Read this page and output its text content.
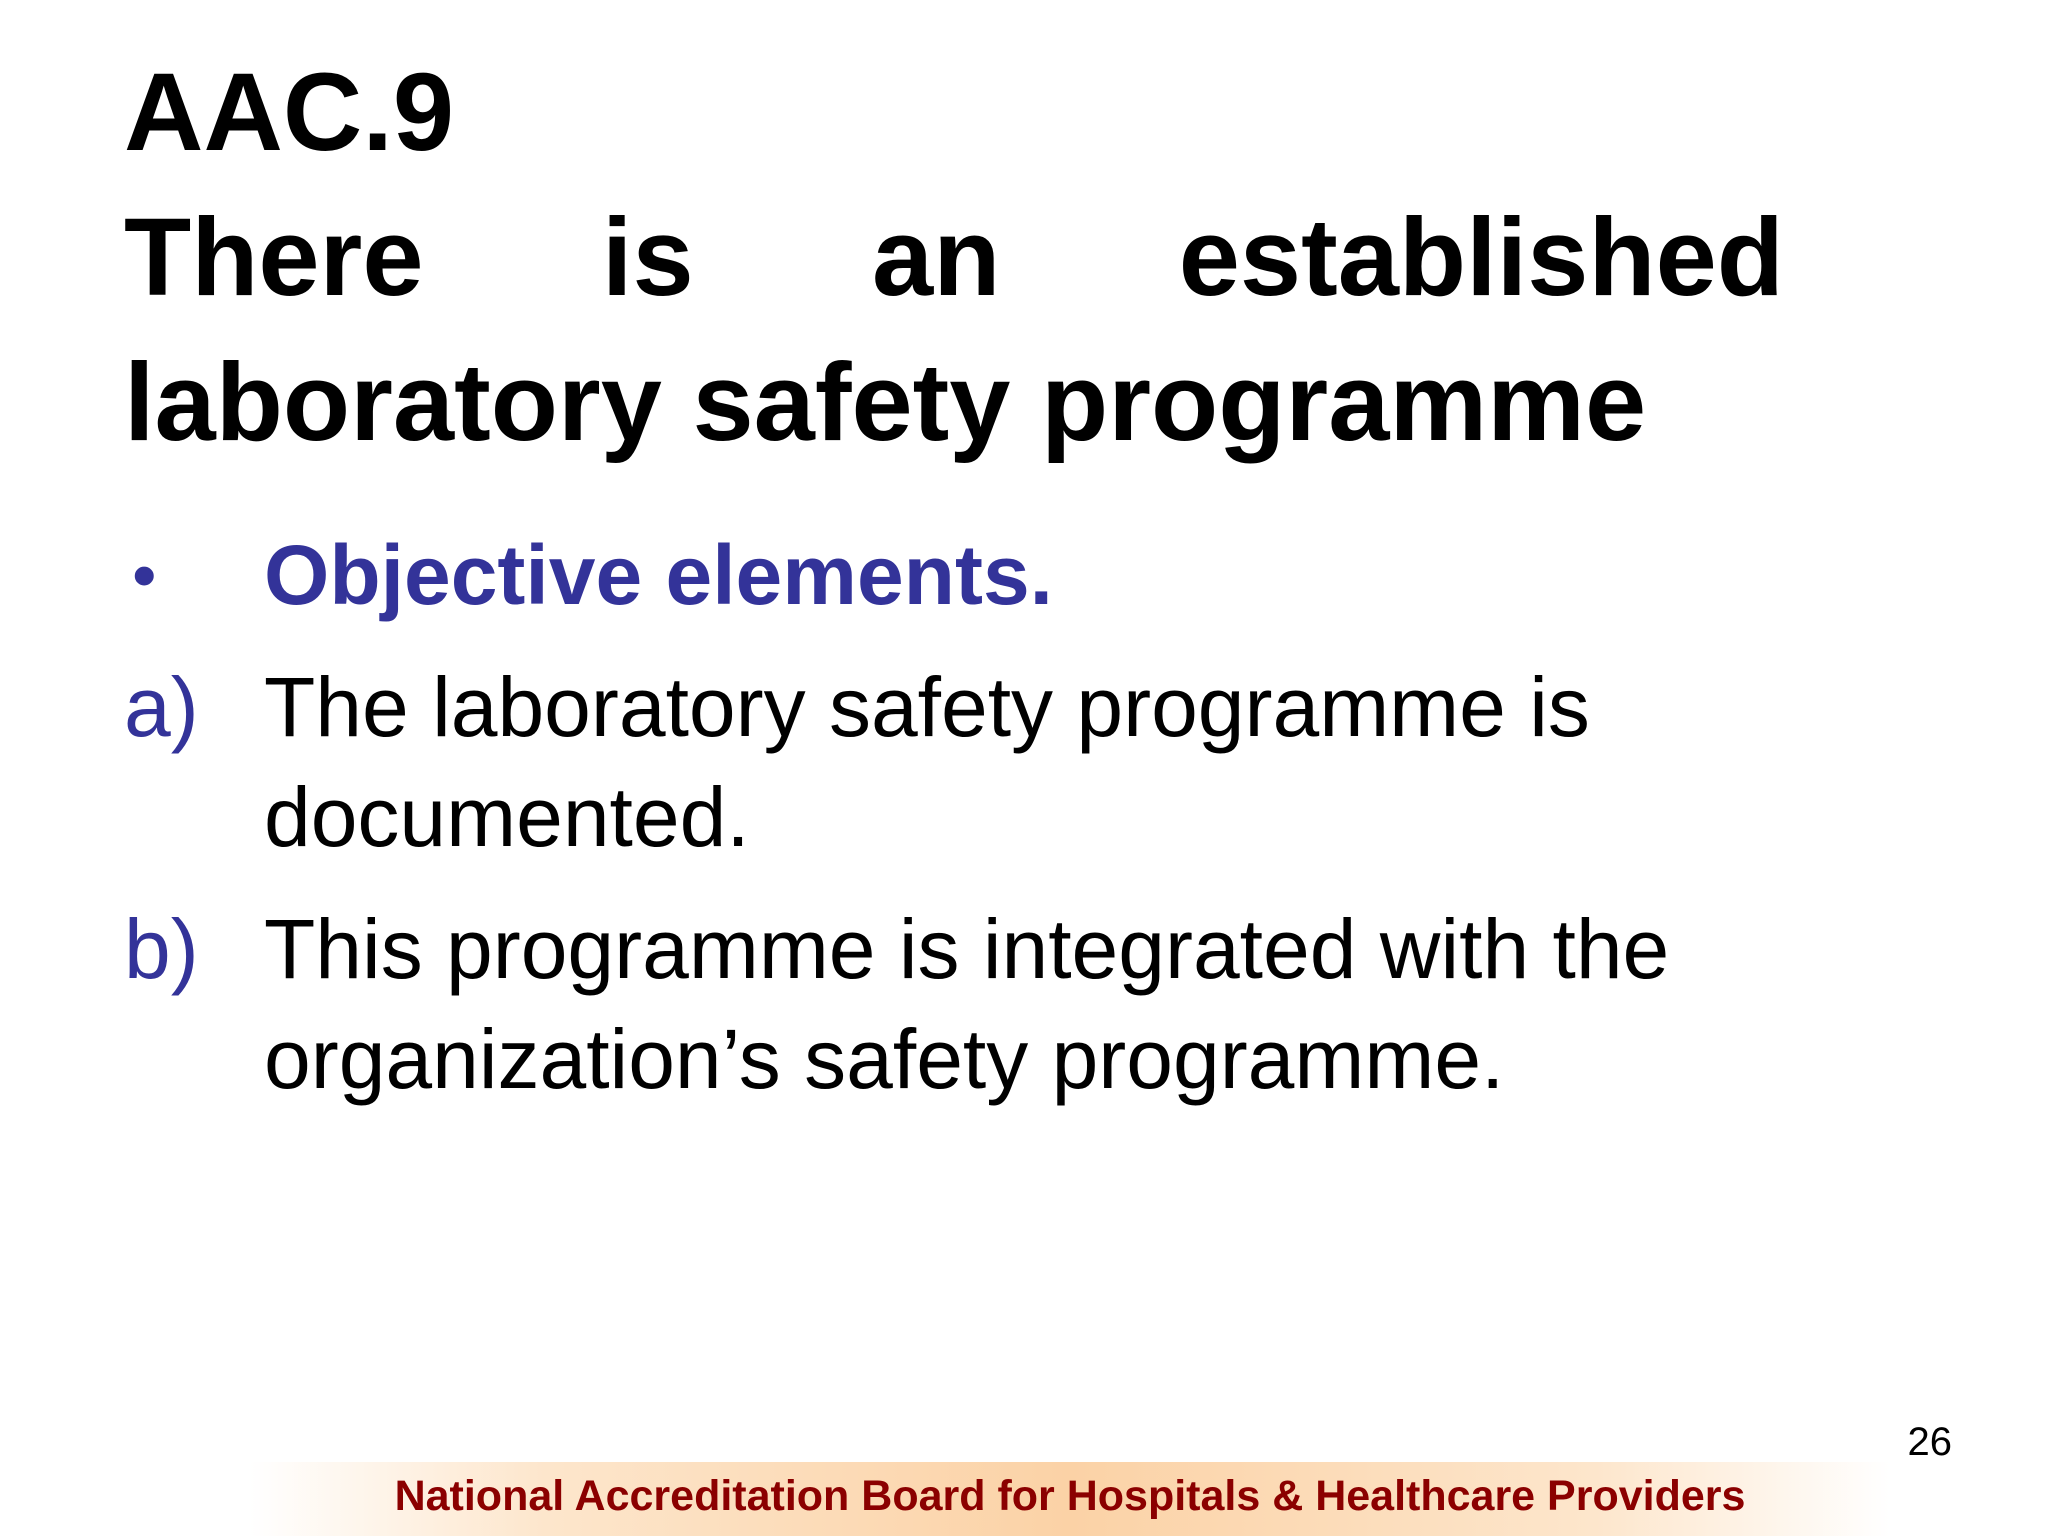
AAC.9
There is an established
laboratory safety programme
• Objective elements.
a) The laboratory safety programme is
documented.
b) This programme is integrated with the
organization’s safety programme.
26
National Accreditation Board for Hospitals & Healthcare Providers
